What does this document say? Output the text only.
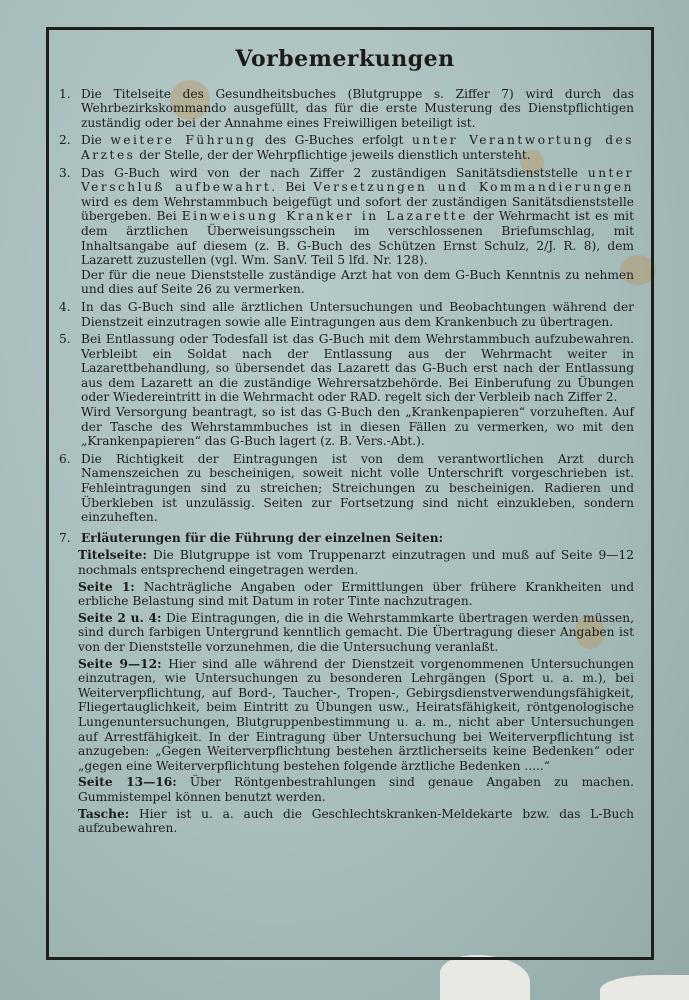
Vorbemerkungen
1. Die Titelseite des Gesundheitsbuches (Blutgruppe s. Ziffer 7) wird durch das Wehrbezirkskommando ausgefüllt, das für die erste Musterung des Dienstpflichtigen zuständig oder bei der Annahme eines Freiwilligen beteiligt ist.
2. Die weitere Führung des G-Buches erfolgt unter Verantwortung des Arztes der Stelle, der der Wehrpflichtige jeweils dienstlich untersteht.
3. Das G-Buch wird von der nach Ziffer 2 zuständigen Sanitätsdienststelle unter Verschluß aufbewahrt. Bei Versetzungen und Kommandierungen wird es dem Wehrstammbuch beigefügt und sofort der zuständigen Sanitätsdienststelle übergeben. Bei Einweisung Kranker in Lazarette der Wehrmacht ist es mit dem ärztlichen Überweisungsschein im verschlossenen Briefumschlag, mit Inhaltsangabe auf diesem (z. B. G-Buch des Schützen Ernst Schulz, 2/J. R. 8), dem Lazarett zuzustellen (vgl. Wm. SanV. Teil 5 lfd. Nr. 128).
Der für die neue Dienststelle zuständige Arzt hat von dem G-Buch Kenntnis zu nehmen und dies auf Seite 26 zu vermerken.
4. In das G-Buch sind alle ärztlichen Untersuchungen und Beobachtungen während der Dienstzeit einzutragen sowie alle Eintragungen aus dem Krankenbuch zu übertragen.
5. Bei Entlassung oder Todesfall ist das G-Buch mit dem Wehrstammbuch aufzubewahren. Verbleibt ein Soldat nach der Entlassung aus der Wehrmacht weiter in Lazarettbehandlung, so übersendet das Lazarett das G-Buch erst nach der Entlassung aus dem Lazarett an die zuständige Wehrersatzbehörde. Bei Einberufung zu Übungen oder Wiedereintritt in die Wehrmacht oder RAD. regelt sich der Verbleib nach Ziffer 2.
Wird Versorgung beantragt, so ist das G-Buch den „Krankenpapieren“ vorzuheften. Auf der Tasche des Wehrstammbuches ist in diesen Fällen zu vermerken, wo mit den „Krankenpapieren“ das G-Buch lagert (z. B. Vers.-Abt.).
6. Die Richtigkeit der Eintragungen ist von dem verantwortlichen Arzt durch Namenszeichen zu bescheinigen, soweit nicht volle Unterschrift vorgeschrieben ist. Fehleintragungen sind zu streichen; Streichungen zu bescheinigen. Radieren und Überkleben ist unzulässig. Seiten zur Fortsetzung sind nicht einzukleben, sondern einzuheften.
7. Erläuterungen für die Führung der einzelnen Seiten:
Titelseite: Die Blutgruppe ist vom Truppenarzt einzutragen und muß auf Seite 9—12 nochmals entsprechend eingetragen werden.
Seite 1: Nachträgliche Angaben oder Ermittlungen über frühere Krankheiten und erbliche Belastung sind mit Datum in roter Tinte nachzutragen.
Seite 2 u. 4: Die Eintragungen, die in die Wehrstammkarte übertragen werden müssen, sind durch farbigen Untergrund kenntlich gemacht. Die Übertragung dieser Angaben ist von der Dienststelle vorzunehmen, die die Untersuchung veranlaßt.
Seite 9—12: Hier sind alle während der Dienstzeit vorgenommenen Untersuchungen einzutragen, wie Untersuchungen zu besonderen Lehrgängen (Sport u. a. m.), bei Weiterverpflichtung, auf Bord-, Taucher-, Tropen-, Gebirgsdienstverwendungsfähigkeit, Fliegertauglichkeit, beim Eintritt zu Übungen usw., Heiratsfähigkeit, röntgenologische Lungenuntersuchungen, Blutgruppenbestimmung u. a. m., nicht aber Untersuchungen auf Arrestfähigkeit. In der Eintragung über Untersuchung bei Weiterverpflichtung ist anzugeben: „Gegen Weiterverpflichtung bestehen ärztlicherseits keine Bedenken“ oder „gegen eine Weiterverpflichtung bestehen folgende ärztliche Bedenken .....“
Seite 13—16: Über Röntgenbestrahlungen sind genaue Angaben zu machen. Gummistempel können benutzt werden.
Tasche: Hier ist u. a. auch die Geschlechtskranken-Meldekarte bzw. das L-Buch aufzubewahren.
